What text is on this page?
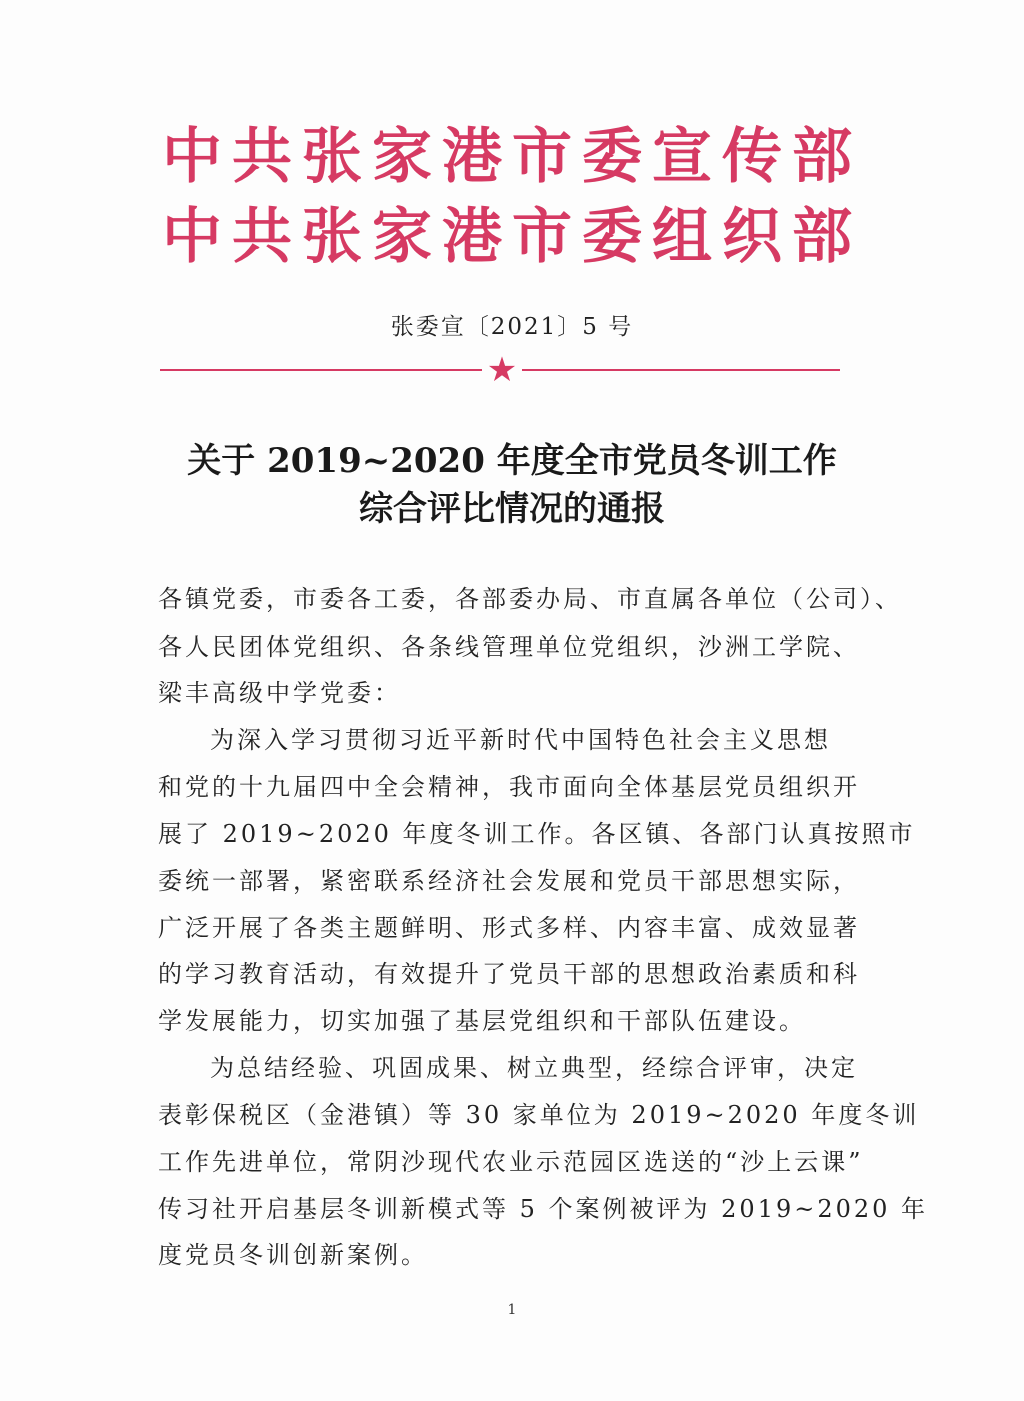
中共张家港市委宣传部
中共张家港市委组织部
张委宣〔2021〕5 号
★
关于 2019~2020 年度全市党员冬训工作
综合评比情况的通报
各镇党委，市委各工委，各部委办局、市直属各单位（公司）、
各人民团体党组织、各条线管理单位党组织，沙洲工学院、
梁丰高级中学党委：
为深入学习贯彻习近平新时代中国特色社会主义思想
和党的十九届四中全会精神，我市面向全体基层党员组织开
展了 2019~2020 年度冬训工作。各区镇、各部门认真按照市
委统一部署，紧密联系经济社会发展和党员干部思想实际，
广泛开展了各类主题鲜明、形式多样、内容丰富、成效显著
的学习教育活动，有效提升了党员干部的思想政治素质和科
学发展能力，切实加强了基层党组织和干部队伍建设。
为总结经验、巩固成果、树立典型，经综合评审，决定
表彰保税区（金港镇）等 30 家单位为 2019~2020 年度冬训
工作先进单位，常阴沙现代农业示范园区选送的“沙上云课”
传习社开启基层冬训新模式等 5 个案例被评为 2019~2020 年
度党员冬训创新案例。
1
